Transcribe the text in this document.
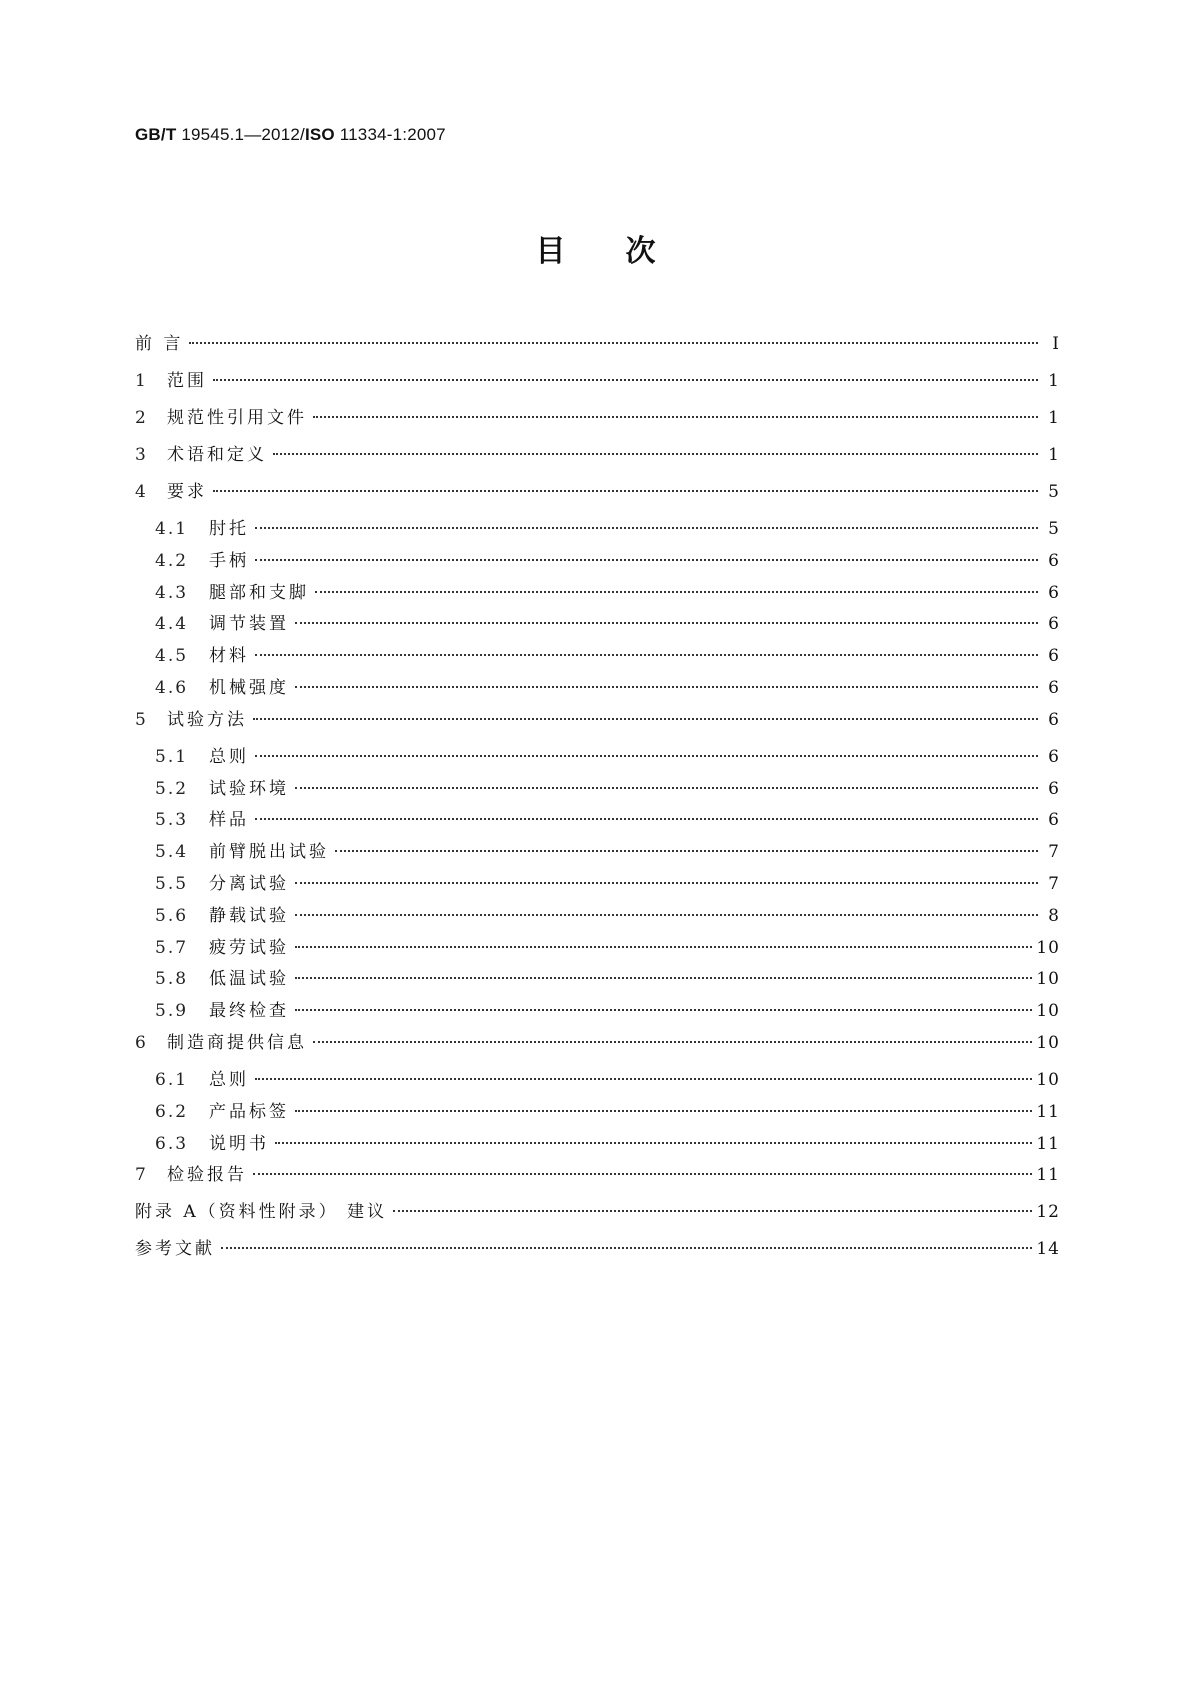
GB/T 19545.1—2012/ISO 11334-1:2007
目次
前 言	Ⅰ
1	范围	1
2	规范性引用文件	1
3	术语和定义	1
4	要求	5
4.1	肘托	5
4.2	手柄	6
4.3	腿部和支脚	6
4.4	调节装置	6
4.5	材料	6
4.6	机械强度	6
5	试验方法	6
5.1	总则	6
5.2	试验环境	6
5.3	样品	6
5.4	前臂脱出试验	7
5.5	分离试验	7
5.6	静载试验	8
5.7	疲劳试验	10
5.8	低温试验	10
5.9	最终检查	10
6	制造商提供信息	10
6.1	总则	10
6.2	产品标签	11
6.3	说明书	11
7	检验报告	11
附录 A（资料性附录） 建议	12
参考文献	14
